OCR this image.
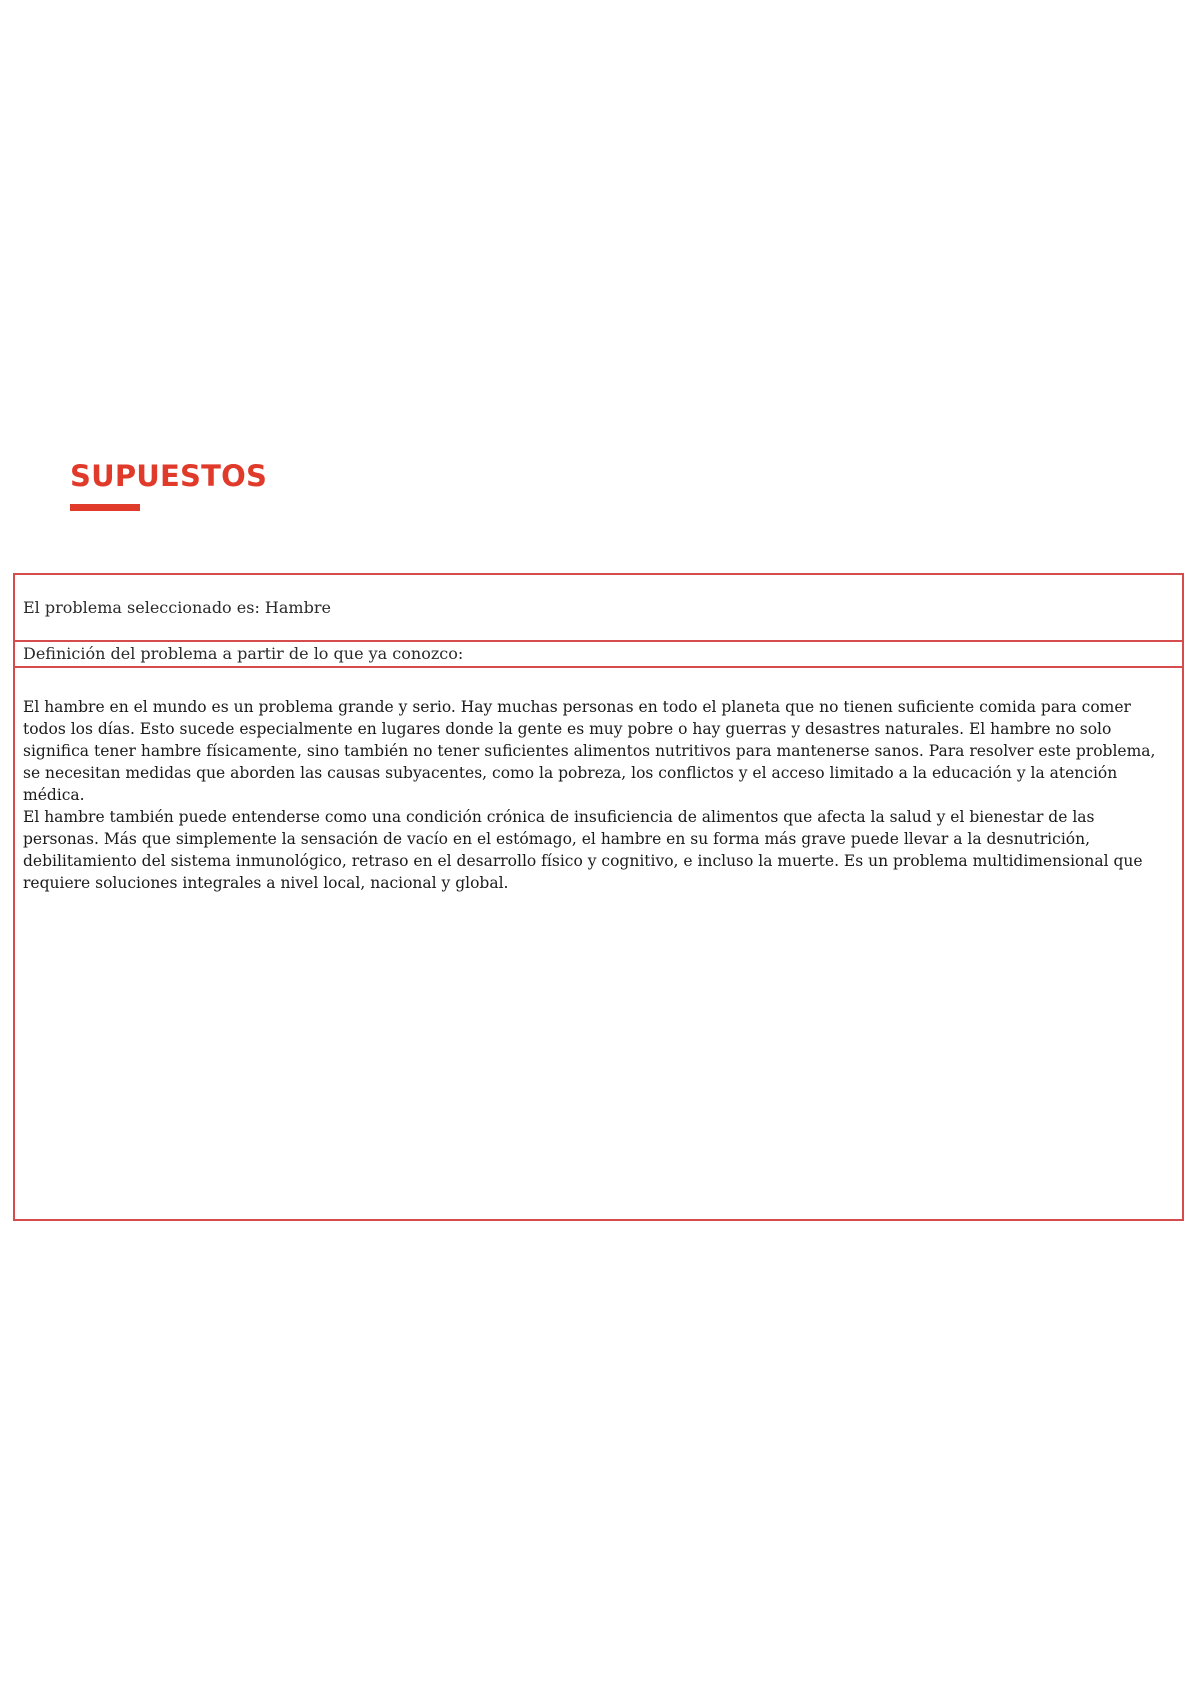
SUPUESTOS
El problema seleccionado es: Hambre
Definición del problema a partir de lo que ya conozco:

El hambre en el mundo es un problema grande y serio. Hay muchas personas en todo el planeta que no tienen suficiente comida para comer todos los días. Esto sucede especialmente en lugares donde la gente es muy pobre o hay guerras y desastres naturales. El hambre no solo significa tener hambre físicamente, sino también no tener suficientes alimentos nutritivos para mantenerse sanos. Para resolver este problema, se necesitan medidas que aborden las causas subyacentes, como la pobreza, los conflictos y el acceso limitado a la educación y la atención médica.

El hambre también puede entenderse como una condición crónica de insuficiencia de alimentos que afecta la salud y el bienestar de las personas. Más que simplemente la sensación de vacío en el estómago, el hambre en su forma más grave puede llevar a la desnutrición, debilitamiento del sistema inmunológico, retraso en el desarrollo físico y cognitivo, e incluso la muerte. Es un problema multidimensional que requiere soluciones integrales a nivel local, nacional y global.
